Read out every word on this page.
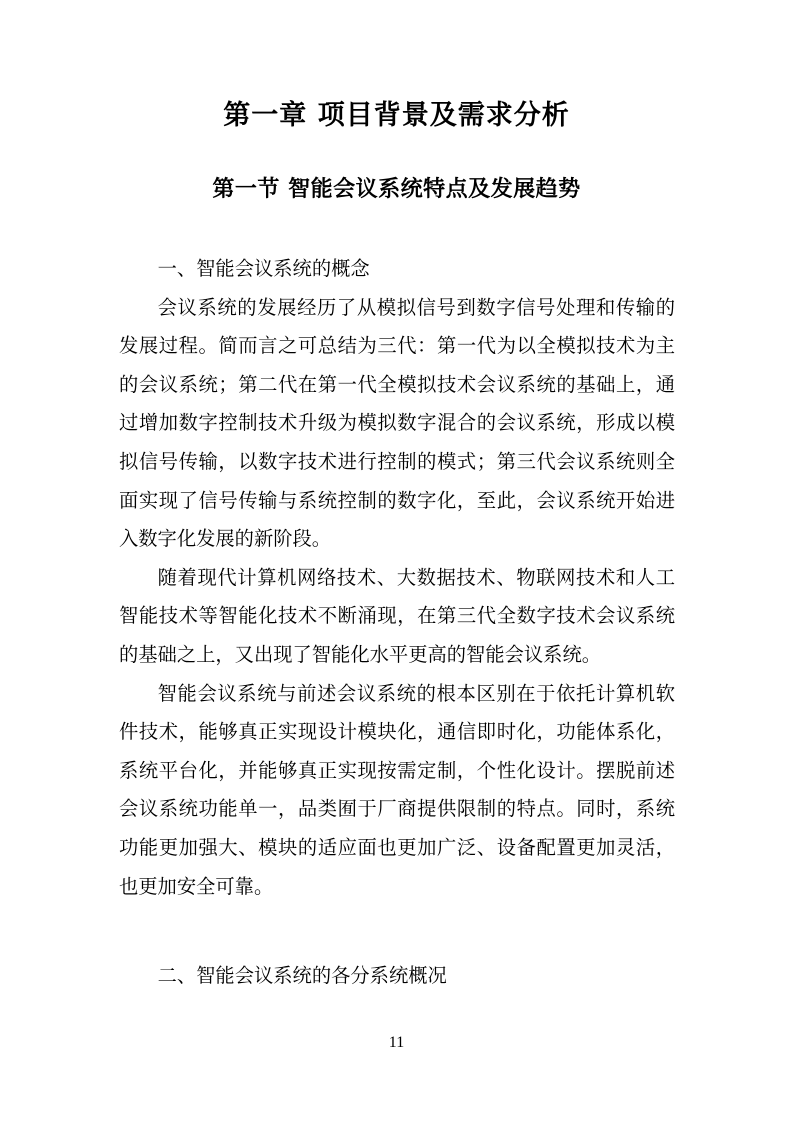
第一章 项目背景及需求分析
第一节 智能会议系统特点及发展趋势
一、智能会议系统的概念

会议系统的发展经历了从模拟信号到数字信号处理和传输的发展过程。简而言之可总结为三代：第一代为以全模拟技术为主的会议系统；第二代在第一代全模拟技术会议系统的基础上，通过增加数字控制技术升级为模拟数字混合的会议系统，形成以模拟信号传输，以数字技术进行控制的模式；第三代会议系统则全面实现了信号传输与系统控制的数字化，至此，会议系统开始进入数字化发展的新阶段。

随着现代计算机网络技术、大数据技术、物联网技术和人工智能技术等智能化技术不断涌现，在第三代全数字技术会议系统的基础之上，又出现了智能化水平更高的智能会议系统。

智能会议系统与前述会议系统的根本区别在于依托计算机软件技术，能够真正实现设计模块化，通信即时化，功能体系化，系统平台化，并能够真正实现按需定制，个性化设计。摆脱前述会议系统功能单一，品类囿于厂商提供限制的特点。同时，系统功能更加强大、模块的适应面也更加广泛、设备配置更加灵活，也更加安全可靠。

二、智能会议系统的各分系统概况
11
